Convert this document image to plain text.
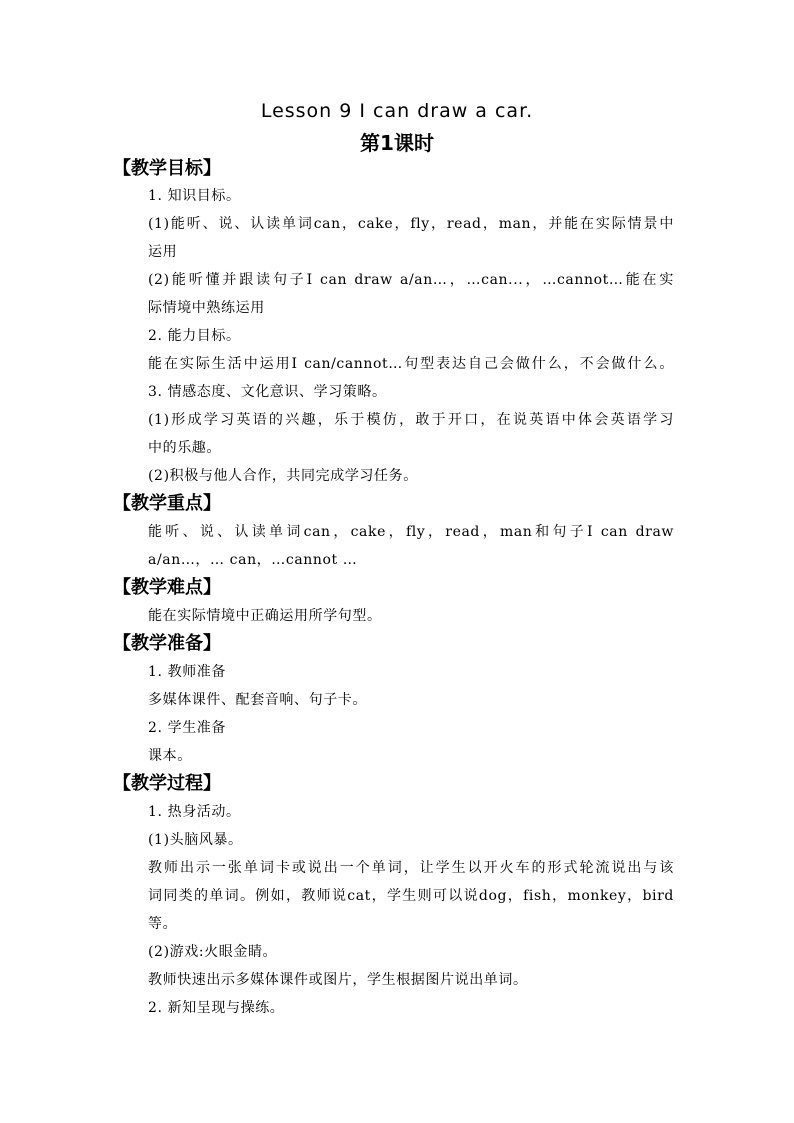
Lesson 9 I can draw a car.
第1课时
【教学目标】
1. 知识目标。
(1)能听、说、认读单词can，cake，fly，read，man，并能在实际情景中
运用
(2)能听懂并跟读句子I can draw a/an…，…can...，…cannot…能在实
际情境中熟练运用
2. 能力目标。
能在实际生活中运用I can/cannot…句型表达自己会做什么，不会做什么。
3. 情感态度、文化意识、学习策略。
(1)形成学习英语的兴趣，乐于模仿，敢于开口，在说英语中体会英语学习
中的乐趣。
(2)积极与他人合作，共同完成学习任务。
【教学重点】
能听、说、认读单词can，cake，fly，read，man和句子I can draw
a/an…，… can，…cannot …
【教学难点】
能在实际情境中正确运用所学句型。
【教学准备】
1. 教师准备
多媒体课件、配套音响、句子卡。
2. 学生准备
课本。
【教学过程】
1. 热身活动。
(1)头脑风暴。
教师出示一张单词卡或说出一个单词，让学生以开火车的形式轮流说出与该
词同类的单词。例如，教师说cat，学生则可以说dog，fish，monkey，bird
等。
(2)游戏:火眼金睛。
教师快速出示多媒体课件或图片，学生根据图片说出单词。
2. 新知呈现与操练。
